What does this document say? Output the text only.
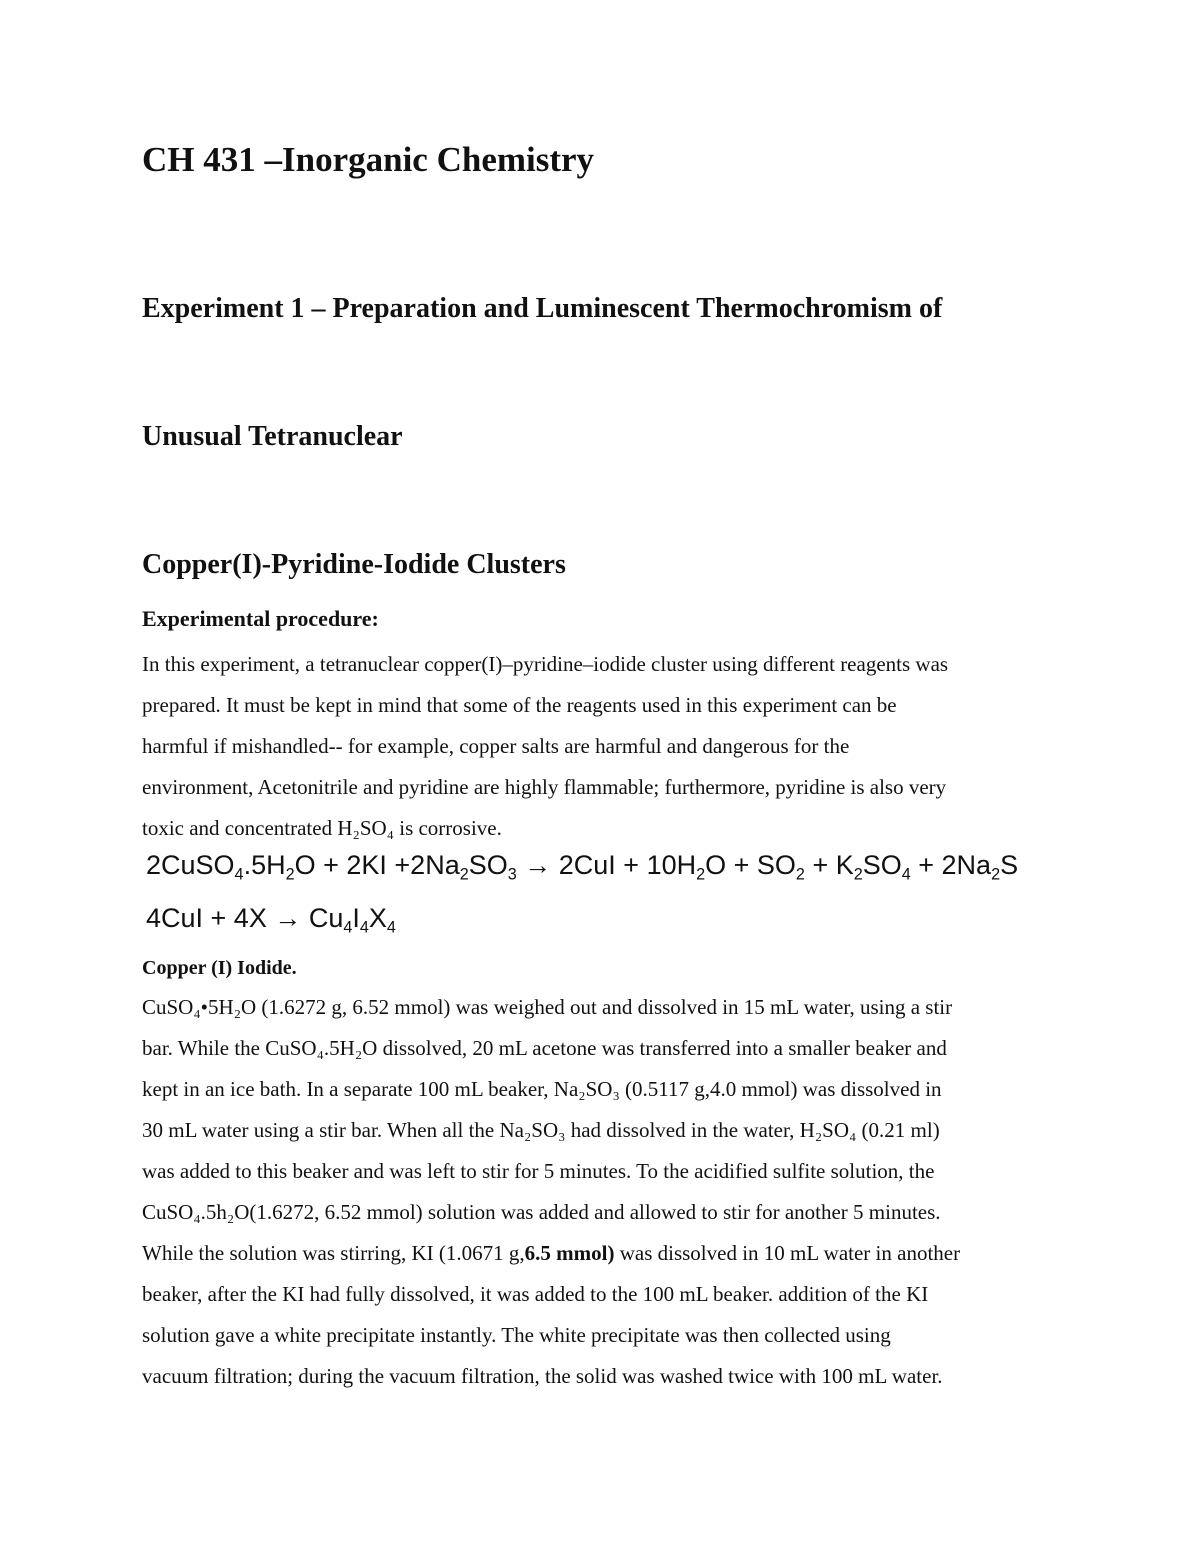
CH 431 –Inorganic Chemistry
Experiment 1 – Preparation and Luminescent Thermochromism of
Unusual Tetranuclear
Copper(I)-Pyridine-Iodide Clusters
Experimental procedure:

In this experiment, a tetranuclear copper(I)–pyridine–iodide cluster using different reagents was
prepared. It must be kept in mind that some of the reagents used in this experiment can be
harmful if mishandled-- for example, copper salts are harmful and dangerous for the
environment, Acetonitrile and pyridine are highly flammable; furthermore, pyridine is also very
toxic and concentrated H₂SO₄ is corrosive.

$2CuSO_4.5H_2O + 2KI +2Na_2SO_3 \to 2CuI + 10H_2O + SO_2 + K_2SO_4 + 2Na_2S$
$4CuI + 4X \to Cu_4I_4X_4$
Copper (I) Iodide.

CuSO₄•5H₂O (1.6272 g, 6.52 mmol) was weighed out and dissolved in 15 mL water, using a stir
bar. While the CuSO₄.5H₂O dissolved, 20 mL acetone was transferred into a smaller beaker and
kept in an ice bath. In a separate 100 mL beaker, Na₂SO₃ (0.5117 g,4.0 mmol) was dissolved in
30 mL water using a stir bar. When all the Na₂SO₃ had dissolved in the water, H₂SO₄ (0.21 ml)
was added to this beaker and was left to stir for 5 minutes. To the acidified sulfite solution, the
CuSO₄.5h₂O(1.6272, 6.52 mmol) solution was added and allowed to stir for another 5 minutes.
While the solution was stirring, KI (1.0671 g,6.5 mmol) was dissolved in 10 mL water in another
beaker, after the KI had fully dissolved, it was added to the 100 mL beaker. addition of the KI
solution gave a white precipitate instantly. The white precipitate was then collected using
vacuum filtration; during the vacuum filtration, the solid was washed twice with 100 mL water.
